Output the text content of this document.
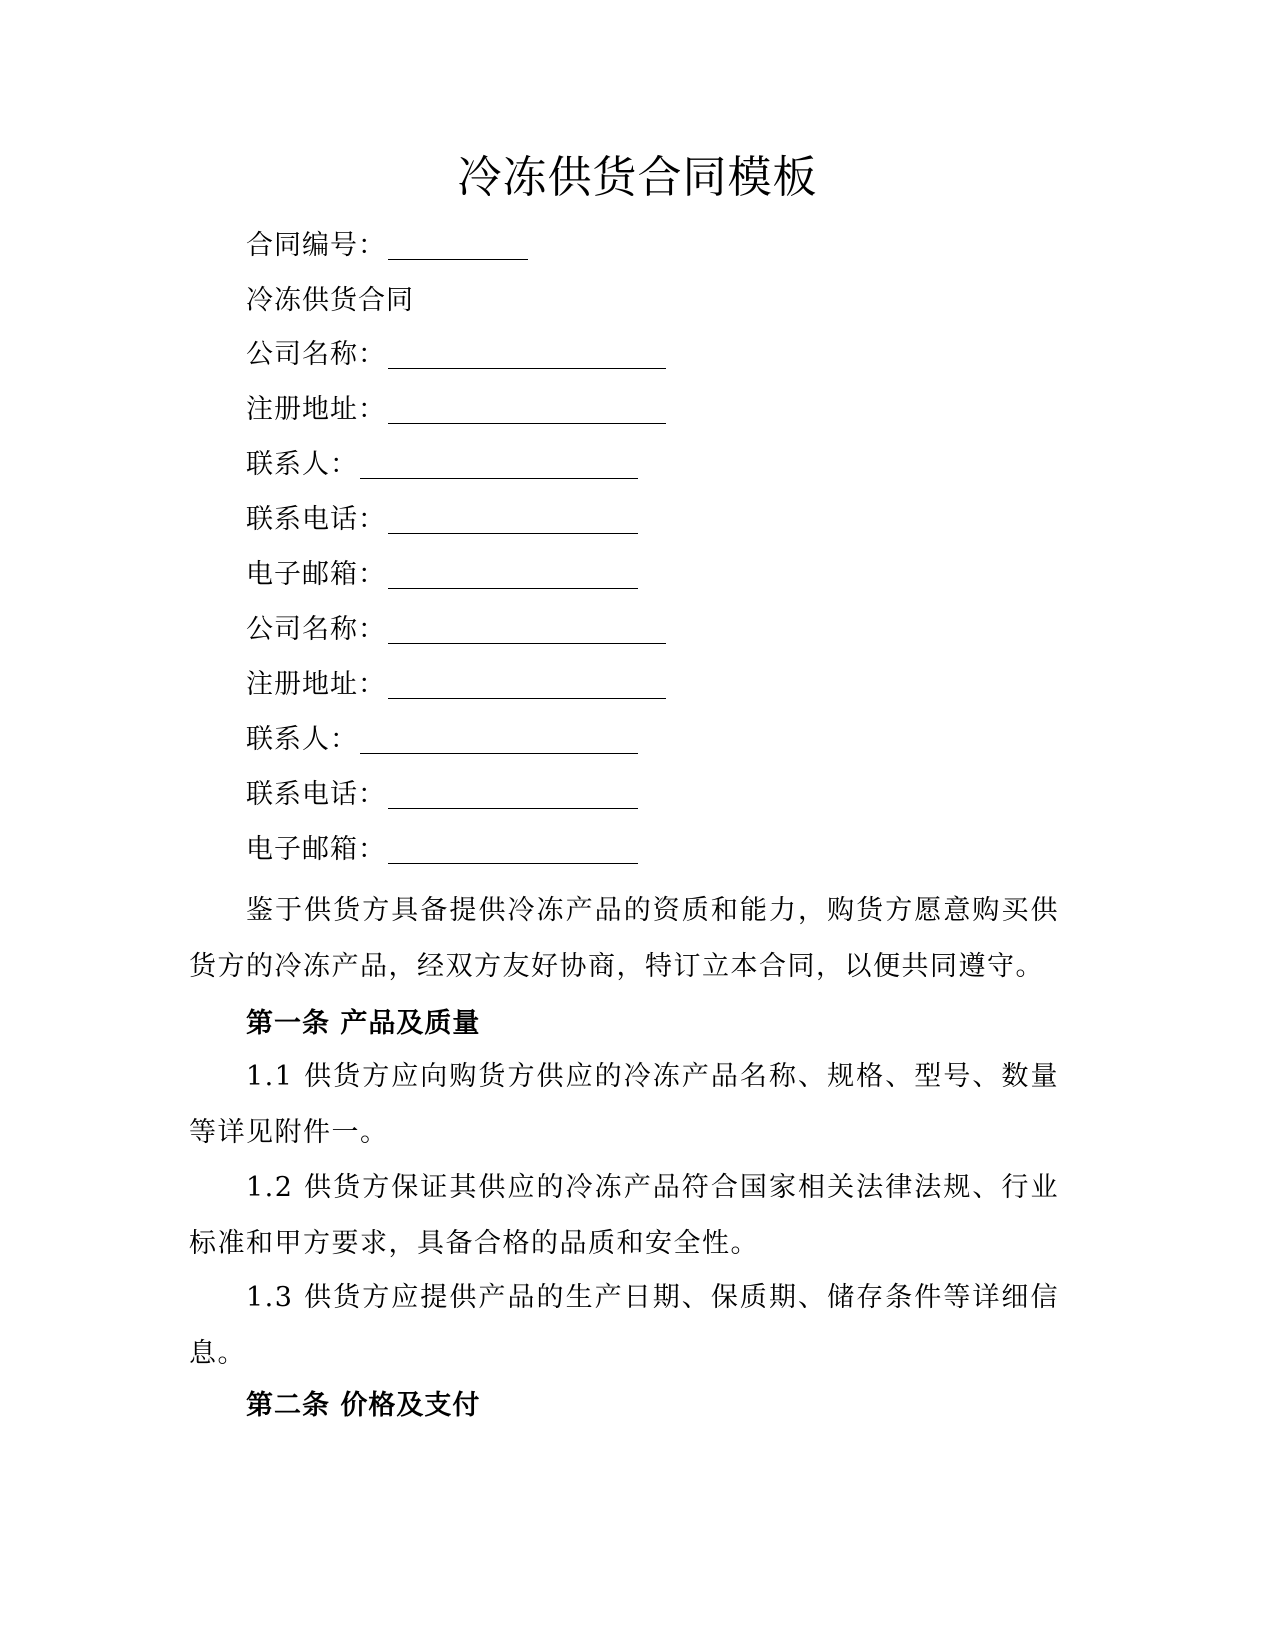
冷冻供货合同模板
合同编号：
冷冻供货合同
公司名称：
注册地址：
联系人：
联系电话：
电子邮箱：
公司名称：
注册地址：
联系人：
联系电话：
电子邮箱：

鉴于供货方具备提供冷冻产品的资质和能力，购货方愿意购买供货方的冷冻产品，经双方友好协商，特订立本合同，以便共同遵守。

第一条 产品及质量

1.1 供货方应向购货方供应的冷冻产品名称、规格、型号、数量等详见附件一。

1.2 供货方保证其供应的冷冻产品符合国家相关法律法规、行业标准和甲方要求，具备合格的品质和安全性。

1.3 供货方应提供产品的生产日期、保质期、储存条件等详细信息。

第二条 价格及支付
